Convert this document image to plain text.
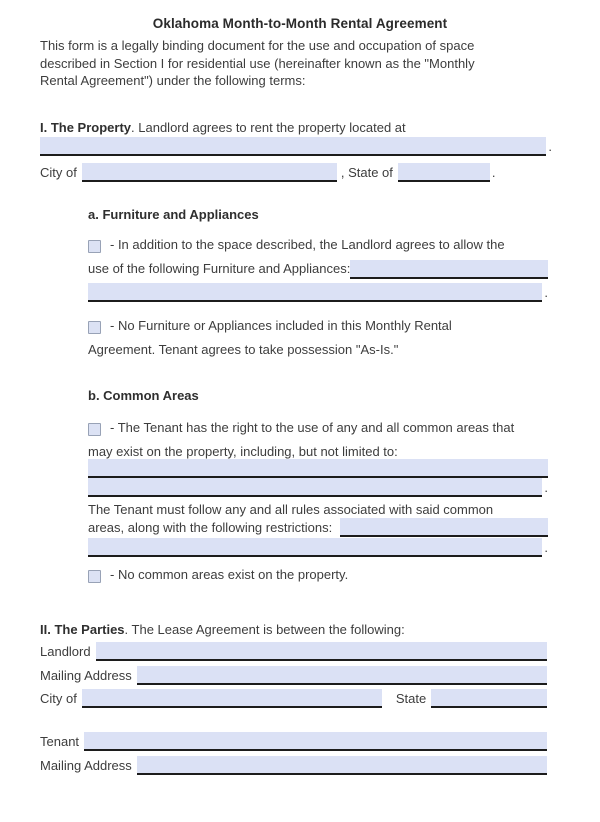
Oklahoma Month-to-Month Rental Agreement
This form is a legally binding document for the use and occupation of space
described in Section I for residential use (hereinafter known as the "Monthly
Rental Agreement") under the following terms:
I. The Property. Landlord agrees to rent the property located at
.
City of	, State of	.
a. Furniture and Appliances
- In addition to the space described, the Landlord agrees to allow the
use of the following Furniture and Appliances:
.
- No Furniture or Appliances included in this Monthly Rental
Agreement. Tenant agrees to take possession "As-Is."
b. Common Areas
- The Tenant has the right to the use of any and all common areas that
may exist on the property, including, but not limited to:
.
The Tenant must follow any and all rules associated with said common
areas, along with the following restrictions:
.
- No common areas exist on the property.
II. The Parties. The Lease Agreement is between the following:
Landlord
Mailing Address
City of	State
Tenant
Mailing Address
